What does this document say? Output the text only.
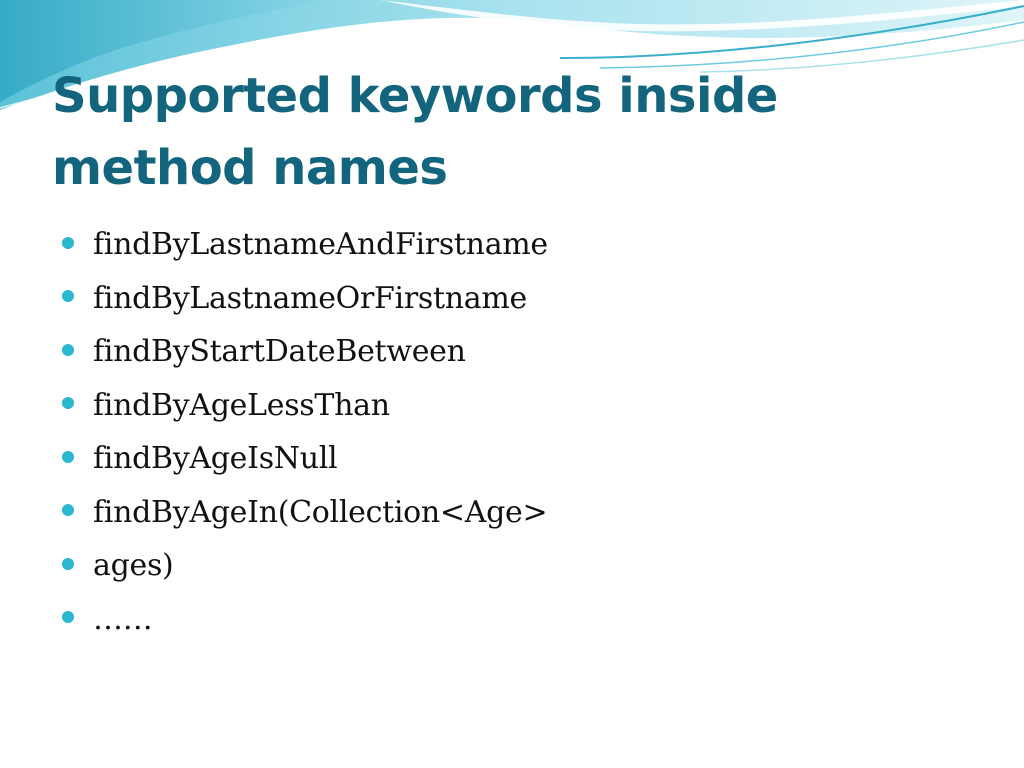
Supported keywords inside method names
findByLastnameAndFirstname
findByLastnameOrFirstname
findByStartDateBetween
findByAgeLessThan
findByAgeIsNull
findByAgeIn(Collection<Age>
ages)
……
